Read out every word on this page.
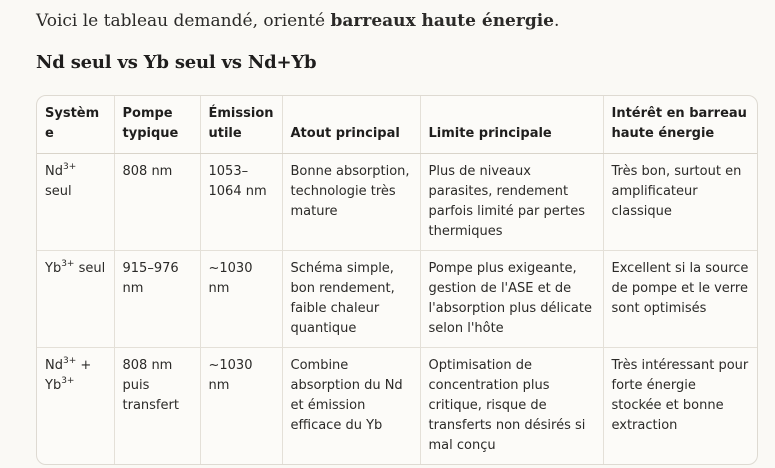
Voici le tableau demandé, orienté barreaux haute énergie.
Nd seul vs Yb seul vs Nd+Yb
Système	Pompe typique	Émission utile	Atout principal	Limite principale	Intérêt en barreau haute énergie
$Nd^{3+}$ seul	808 nm	1053–1064 nm	Bonne absorption, technologie très mature	Plus de niveaux parasites, rendement parfois limité par pertes thermiques	Très bon, surtout en amplificateur classique
$Yb^{3+}$ seul	915–976 nm	~1030 nm	Schéma simple, bon rendement, faible chaleur quantique	Pompe plus exigeante, gestion de l'ASE et de l'absorption plus délicate selon l'hôte	Excellent si la source de pompe et le verre sont optimisés
$Nd^{3+} + Yb^{3+}$	808 nm puis transfert	~1030 nm	Combine absorption du Nd et émission efficace du Yb	Optimisation de concentration plus critique, risque de transferts non désirés si mal conçu	Très intéressant pour forte énergie stockée et bonne extraction
